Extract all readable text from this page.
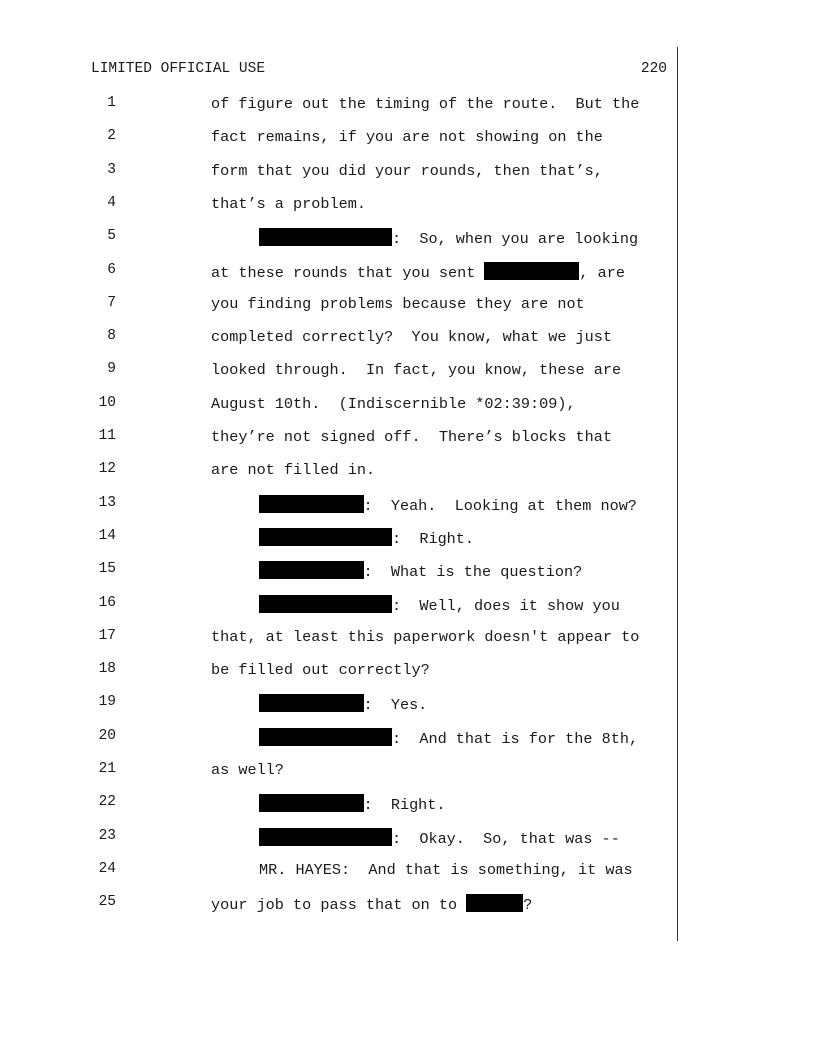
LIMITED OFFICIAL USE	220
1	of figure out the timing of the route.  But the
2	fact remains, if you are not showing on the
3	form that you did your rounds, then that’s,
4	that’s a problem.
5	:  So, when you are looking
6	at these rounds that you sent	, are
7	you finding problems because they are not
8	completed correctly?  You know, what we just
9	looked through.  In fact, you know, these are
10	August 10th.  (Indiscernible *02:39:09),
11	they’re not signed off.  There’s blocks that
12	are not filled in.
13	:  Yeah.  Looking at them now?
14	:  Right.
15	:  What is the question?
16	:  Well, does it show you
17	that, at least this paperwork doesn't appear to
18	be filled out correctly?
19	:  Yes.
20	:  And that is for the 8th,
21	as well?
22	:  Right.
23	:  Okay.  So, that was --
24	MR. HAYES:  And that is something, it was
25	your job to pass that on to	?
